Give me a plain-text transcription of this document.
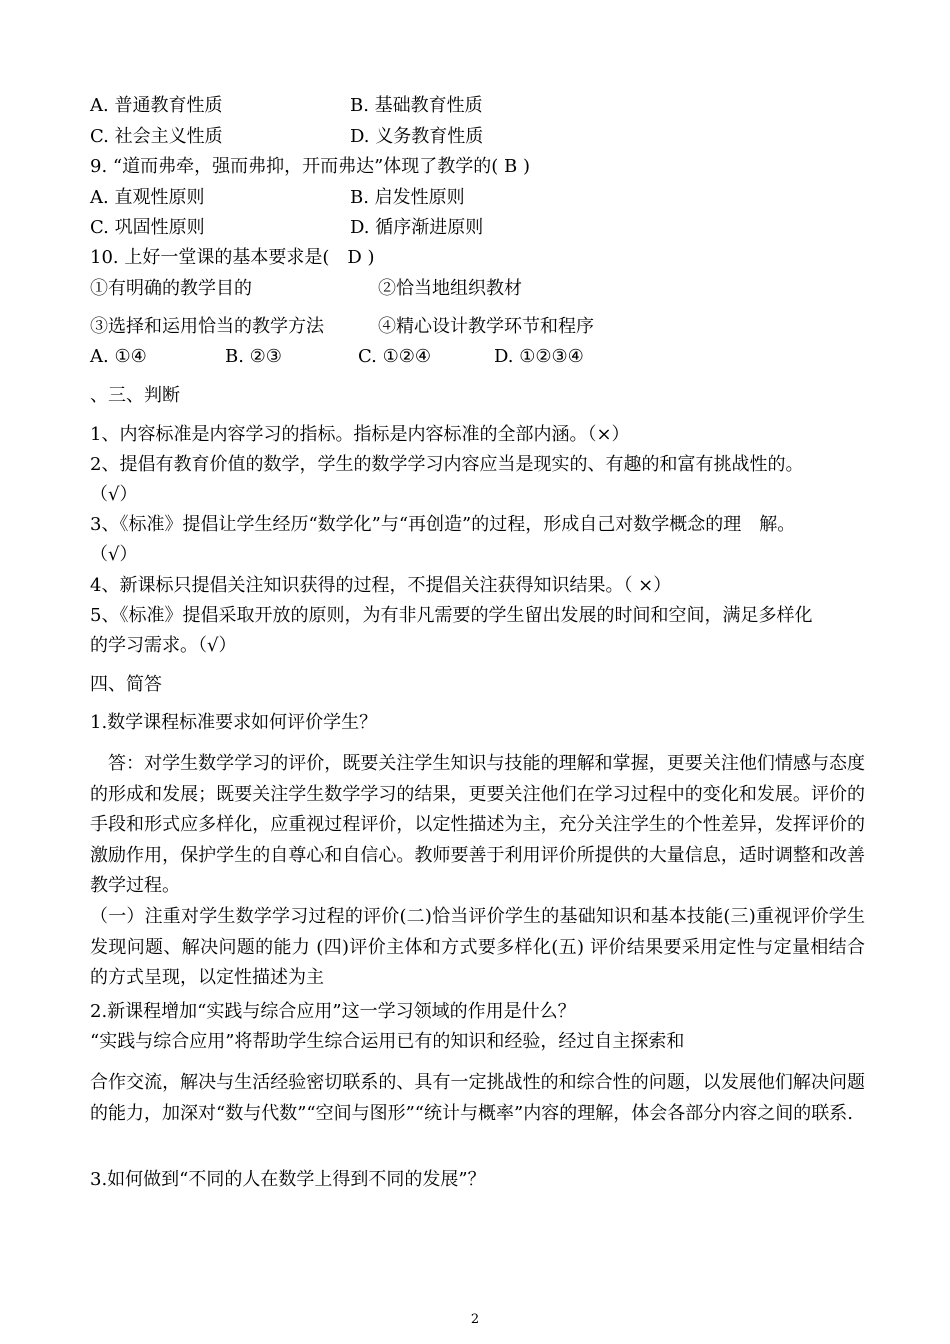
A. 普通教育性质	B. 基础教育性质
C. 社会主义性质	D. 义务教育性质
9. “道而弗牵，强而弗抑，开而弗达”体现了教学的( B )
A. 直观性原则	B. 启发性原则
C. 巩固性原则	D. 循序渐进原则
10. 上好一堂课的基本要求是(　D )
①有明确的教学目的	②恰当地组织教材
③选择和运用恰当的教学方法	④精心设计教学环节和程序
A. ①④	B. ②③	C. ①②④	D. ①②③④
、三、判断
1、内容标准是内容学习的指标。指标是内容标准的全部内涵。（×）
2、提倡有教育价值的数学，学生的数学学习内容应当是现实的、有趣的和富有挑战性的。
（√）
3、《标准》提倡让学生经历“数学化”与“再创造”的过程，形成自己对数学概念的理　解。
（√）
4、新课标只提倡关注知识获得的过程，不提倡关注获得知识结果。（ ×）
5、《标准》提倡采取开放的原则，为有非凡需要的学生留出发展的时间和空间，满足多样化
的学习需求。（√）
四、简答
1.数学课程标准要求如何评价学生？
　答：对学生数学学习的评价，既要关注学生知识与技能的理解和掌握，更要关注他们情感与态度的形成和发展；既要关注学生数学学习的结果，更要关注他们在学习过程中的变化和发展。评价的手段和形式应多样化，应重视过程评价，以定性描述为主，充分关注学生的个性差异，发挥评价的激励作用，保护学生的自尊心和自信心。教师要善于利用评价所提供的大量信息，适时调整和改善教学过程。
（一）注重对学生数学学习过程的评价(二)恰当评价学生的基础知识和基本技能(三)重视评价学生发现问题、解决问题的能力 (四)评价主体和方式要多样化(五) 评价结果要采用定性与定量相结合的方式呈现，以定性描述为主
2.新课程增加“实践与综合应用”这一学习领域的作用是什么？
“实践与综合应用”将帮助学生综合运用已有的知识和经验，经过自主探索和
合作交流，解决与生活经验密切联系的、具有一定挑战性的和综合性的问题，以发展他们解决问题的能力，加深对“数与代数”“空间与图形”“统计与概率”内容的理解，体会各部分内容之间的联系.
3.如何做到“不同的人在数学上得到不同的发展”？
2
